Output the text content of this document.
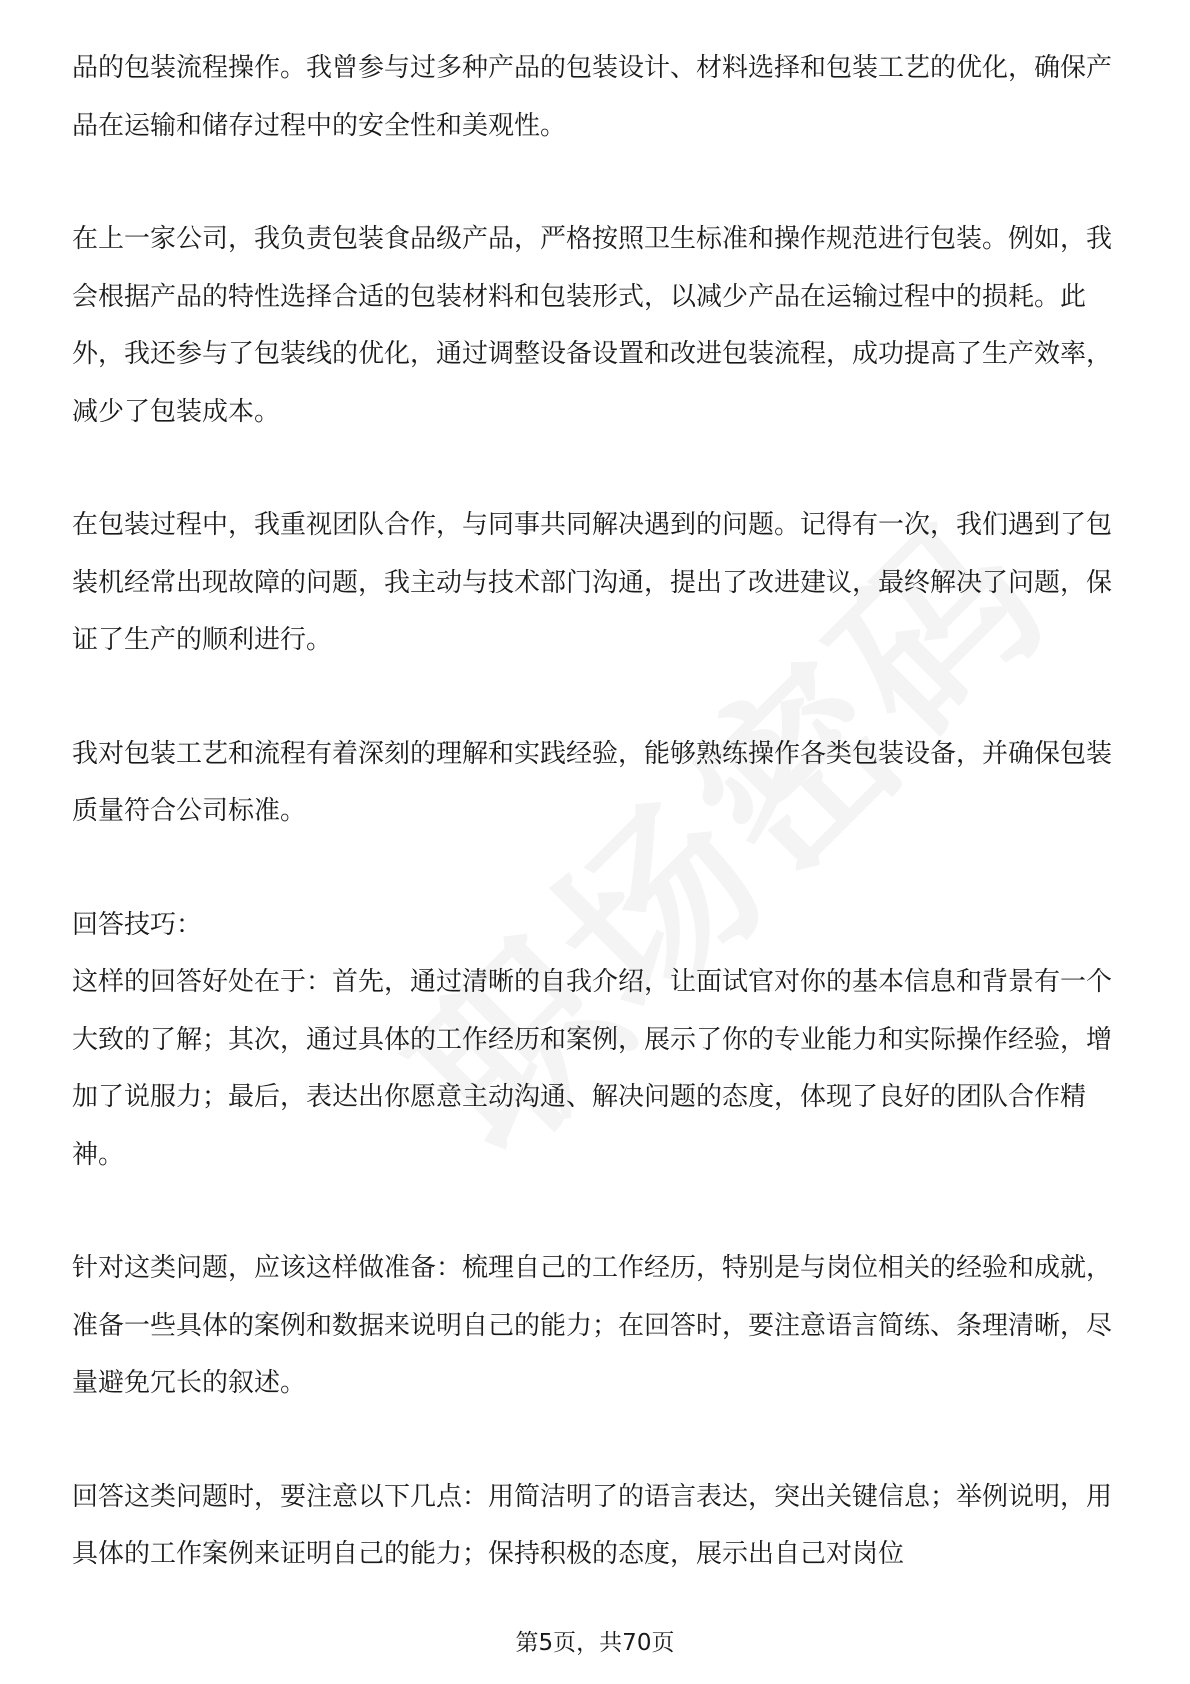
品的包装流程操作。我曾参与过多种产品的包装设计、材料选择和包装工艺的优化，确保产品在运输和储存过程中的安全性和美观性。

在上一家公司，我负责包装食品级产品，严格按照卫生标准和操作规范进行包装。例如，我会根据产品的特性选择合适的包装材料和包装形式，以减少产品在运输过程中的损耗。此外，我还参与了包装线的优化，通过调整设备设置和改进包装流程，成功提高了生产效率，减少了包装成本。

在包装过程中，我重视团队合作，与同事共同解决遇到的问题。记得有一次，我们遇到了包装机经常出现故障的问题，我主动与技术部门沟通，提出了改进建议，最终解决了问题，保证了生产的顺利进行。

我对包装工艺和流程有着深刻的理解和实践经验，能够熟练操作各类包装设备，并确保包装质量符合公司标准。

回答技巧：

这样的回答好处在于：首先，通过清晰的自我介绍，让面试官对你的基本信息和背景有一个大致的了解；其次，通过具体的工作经历和案例，展示了你的专业能力和实际操作经验，增加了说服力；最后，表达出你愿意主动沟通、解决问题的态度，体现了良好的团队合作精神。

针对这类问题，应该这样做准备：梳理自己的工作经历，特别是与岗位相关的经验和成就，准备一些具体的案例和数据来说明自己的能力；在回答时，要注意语言简练、条理清晰，尽量避免冗长的叙述。

回答这类问题时，要注意以下几点：用简洁明了的语言表达，突出关键信息；举例说明，用具体的工作案例来证明自己的能力；保持积极的态度，展示出自己对岗位

第5页，共70页
